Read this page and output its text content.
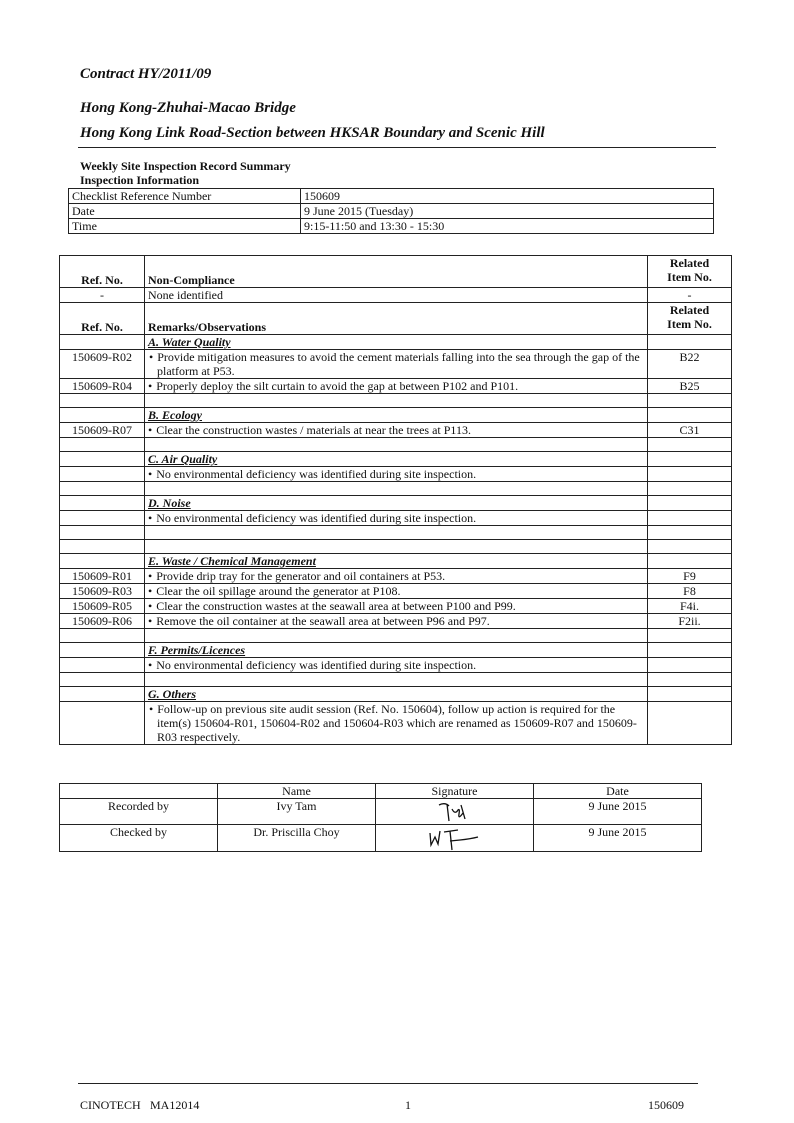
Contract HY/2011/09
Hong Kong-Zhuhai-Macao Bridge
Hong Kong Link Road-Section between HKSAR Boundary and Scenic Hill
Weekly Site Inspection Record Summary
Inspection Information
Checklist Reference Number	150609
Date	9 June 2015 (Tuesday)
Time	9:15-11:50 and 13:30 - 15:30
Ref. No.	Non-Compliance	Related
Item No.
-	None identified	-
Ref. No.	Remarks/Observations	Related
Item No.
	A. Water Quality	
150609-R02	• Provide mitigation measures to avoid the cement materials falling into the sea through the gap of the platform at P53.	B22
150609-R04	• Properly deploy the silt curtain to avoid the gap at between P102 and P101.	B25

	B. Ecology	
150609-R07	• Clear the construction wastes / materials at near the trees at P113.	C31

	C. Air Quality	
	• No environmental deficiency was identified during site inspection.	

	D. Noise	
	• No environmental deficiency was identified during site inspection.	

	E. Waste / Chemical Management	
150609-R01	• Provide drip tray for the generator and oil containers at P53.	F9
150609-R03	• Clear the oil spillage around the generator at P108.	F8
150609-R05	• Clear the construction wastes at the seawall area at between P100 and P99.	F4i.
150609-R06	• Remove the oil container at the seawall area at between P96 and P97.	F2ii.

	F. Permits/Licences	
	• No environmental deficiency was identified during site inspection.	

	G. Others	
	• Follow-up on previous site audit session (Ref. No. 150604), follow up action is required for the item(s) 150604-R01, 150604-R02 and 150604-R03 which are renamed as 150609-R07 and 150609-R03 respectively.	
	Name	Signature	Date
Recorded by	Ivy Tam		9 June 2015
Checked by	Dr. Priscilla Choy		9 June 2015
CINOTECH MA12014	1	150609
